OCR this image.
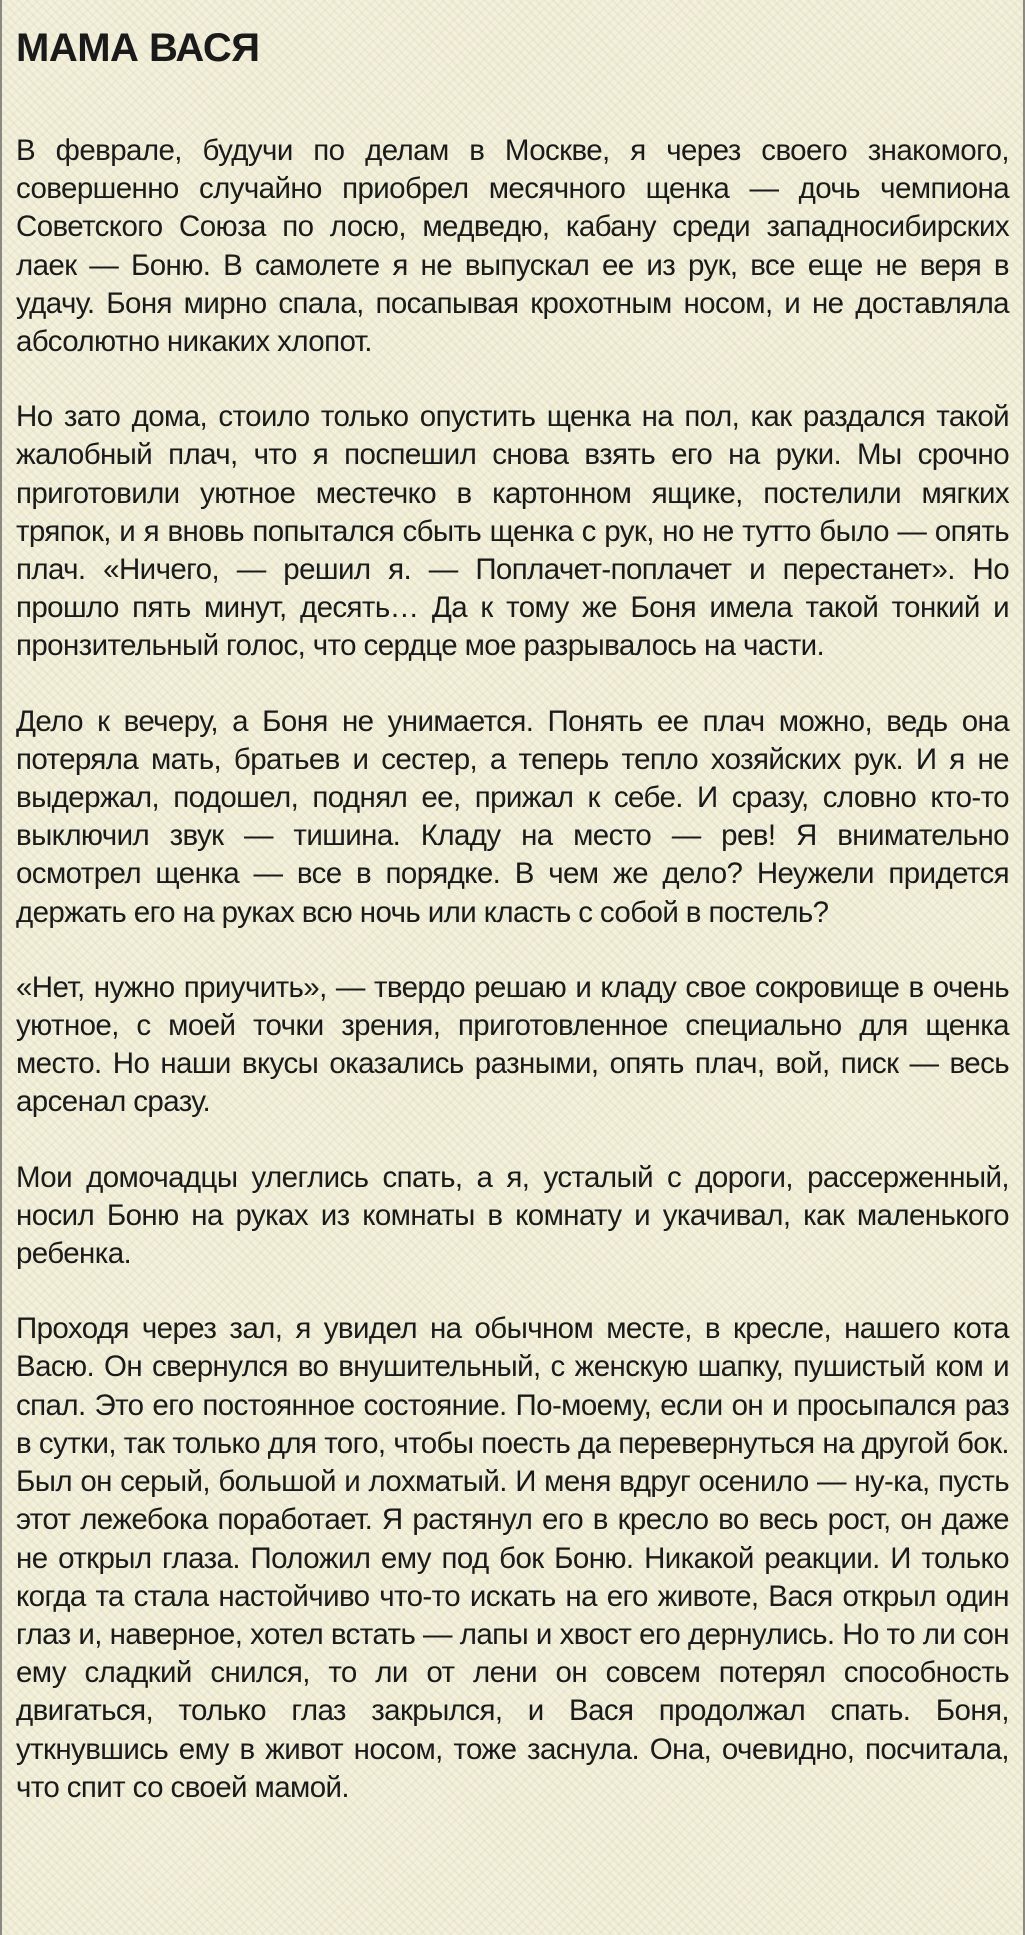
МАМА ВАСЯ

В феврале, будучи по делам в Москве, я через своего знакомого, совершенно случайно приобрел месячного щенка — дочь чемпиона Советского Союза по лосю, медведю, кабану среди западносибирских лаек — Боню. В самолете я не выпускал ее из рук, все еще не веря в удачу. Боня мирно спала, посапывая крохотным носом, и не доставляла абсолютно никаких хлопот.

Но зато дома, стоило только опустить щенка на пол, как раздался такой жалобный плач, что я поспешил снова взять его на руки. Мы срочно приготовили уютное местечко в картонном ящике, постелили мягких тряпок, и я вновь попытался сбыть щенка с рук, но не тутто было — опять плач. «Ничего, — решил я. — Поплачет-поплачет и перестанет». Но прошло пять минут, десять… Да к тому же Боня имела такой тонкий и пронзительный голос, что сердце мое разрывалось на части.

Дело к вечеру, а Боня не унимается. Понять ее плач можно, ведь она потеряла мать, братьев и сестер, а теперь тепло хозяйских рук. И я не выдержал, подошел, поднял ее, прижал к себе. И сразу, словно кто-то выключил звук — тишина. Кладу на место — рев! Я внимательно осмотрел щенка — все в порядке. В чем же дело? Неужели придется держать его на руках всю ночь или класть с собой в постель?

«Нет, нужно приучить», — твердо решаю и кладу свое сокровище в очень уютное, с моей точки зрения, приготовленное специально для щенка место. Но наши вкусы оказались разными, опять плач, вой, писк — весь арсенал сразу.

Мои домочадцы улеглись спать, а я, усталый с дороги, рассерженный, носил Боню на руках из комнаты в комнату и укачивал, как маленького ребенка.

Проходя через зал, я увидел на обычном месте, в кресле, нашего кота Васю. Он свернулся во внушительный, с женскую шапку, пушистый ком и спал. Это его постоянное состояние. По-моему, если он и просыпался раз в сутки, так только для того, чтобы поесть да перевернуться на другой бок. Был он серый, большой и лохматый. И меня вдруг осенило — ну-ка, пусть этот лежебока поработает. Я растянул его в кресло во весь рост, он даже не открыл глаза. Положил ему под бок Боню. Никакой реакции. И только когда та стала настойчиво что-то искать на его животе, Вася открыл один глаз и, наверное, хотел встать — лапы и хвост его дернулись. Но то ли сон ему сладкий снился, то ли от лени он совсем потерял способность двигаться, только глаз закрылся, и Вася продолжал спать. Боня, уткнувшись ему в живот носом, тоже заснула. Она, очевидно, посчитала, что спит со своей мамой.
